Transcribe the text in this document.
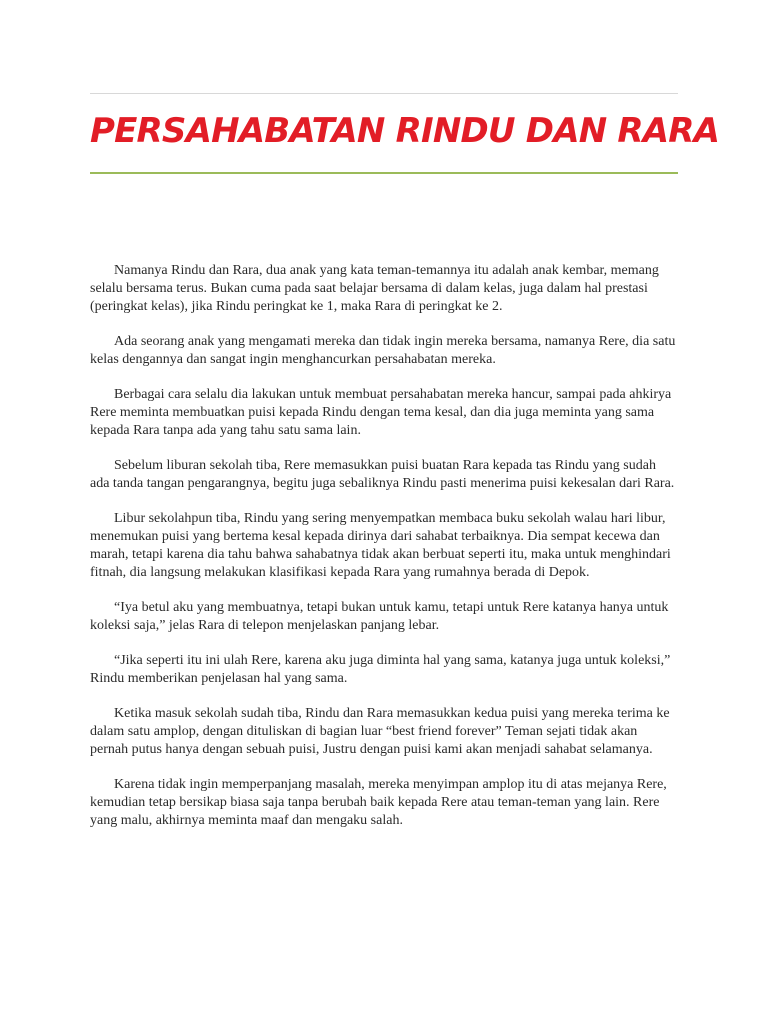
PERSAHABATAN RINDU DAN RARA

Namanya Rindu dan Rara, dua anak yang kata teman-temannya itu adalah anak kembar, memang selalu bersama terus. Bukan cuma pada saat belajar bersama di dalam kelas, juga dalam hal prestasi (peringkat kelas), jika Rindu peringkat ke 1, maka Rara di peringkat ke 2.

Ada seorang anak yang mengamati mereka dan tidak ingin mereka bersama, namanya Rere, dia satu kelas dengannya dan sangat ingin menghancurkan persahabatan mereka.

Berbagai cara selalu dia lakukan untuk membuat persahabatan mereka hancur, sampai pada ahkirya Rere meminta membuatkan puisi kepada Rindu dengan tema kesal, dan dia juga meminta yang sama kepada Rara tanpa ada yang tahu satu sama lain.

Sebelum liburan sekolah tiba, Rere memasukkan puisi buatan Rara kepada tas Rindu yang sudah ada tanda tangan pengarangnya, begitu juga sebaliknya Rindu pasti menerima puisi kekesalan dari Rara.

Libur sekolahpun tiba, Rindu yang sering menyempatkan membaca buku sekolah walau hari libur, menemukan puisi yang bertema kesal kepada dirinya dari sahabat terbaiknya. Dia sempat kecewa dan marah, tetapi karena dia tahu bahwa sahabatnya tidak akan berbuat seperti itu, maka untuk menghindari fitnah, dia langsung melakukan klasifikasi kepada Rara yang rumahnya berada di Depok.

“Iya betul aku yang membuatnya, tetapi bukan untuk kamu, tetapi untuk Rere katanya hanya untuk koleksi saja,” jelas Rara di telepon menjelaskan panjang lebar.

“Jika seperti itu ini ulah Rere, karena aku juga diminta hal yang sama, katanya juga untuk koleksi,” Rindu memberikan penjelasan hal yang sama.

Ketika masuk sekolah sudah tiba, Rindu dan Rara memasukkan kedua puisi yang mereka terima ke dalam satu amplop, dengan dituliskan di bagian luar “best friend forever” Teman sejati tidak akan pernah putus hanya dengan sebuah puisi, Justru dengan puisi kami akan menjadi sahabat selamanya.

Karena tidak ingin memperpanjang masalah, mereka menyimpan amplop itu di atas mejanya Rere, kemudian tetap bersikap biasa saja tanpa berubah baik kepada Rere atau teman-teman yang lain. Rere yang malu, akhirnya meminta maaf dan mengaku salah.
